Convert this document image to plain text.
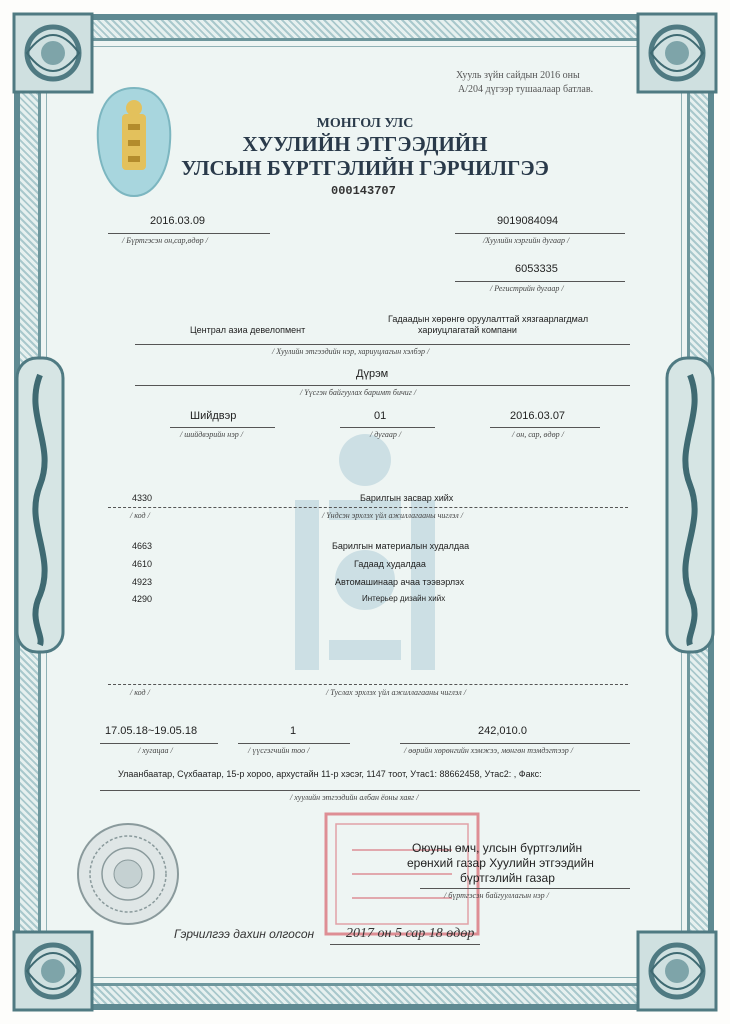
Хууль зүйн сайдын 2016 оны
А/204 дүгээр тушаалаар батлав.
МОНГОЛ УЛС
ХУУЛИЙН ЭТГЭЭДИЙН
УЛСЫН БҮРТГЭЛИЙН ГЭРЧИЛГЭЭ
000143707
2016.03.09
/ Бүртгэсэн он,сар,өдөр /
9019084094
/Хуулийн хэргийн дугаар /
6053335
/ Регистрийн дугаар /
Централ азиа девелопмент
Гадаадын хөрөнгө оруулалттай хязгаарлагдмал
хариуцлагатай компани
/ Хуулийн этгээдийн нэр, хариуцлагын хэлбэр /
Дүрэм
/ Үүсгэн байгуулах баримт бичиг /
Шийдвэр
/ шийдвэрийн нэр /
01
/ дугаар /
2016.03.07
/ он, сар, өдөр /
4330	Барилгын засвар хийх
/ код /	/ Үндсэн эрхлэх үйл ажиллагааны чиглэл /
4663	Барилгын материалын худалдаа
4610	Гадаад худалдаа
4923	Автомашинаар ачаа тээвэрлэх
4290	Интерьер дизайн хийх
/ код /	/ Туслах эрхлэх үйл ажиллагааны чиглэл /
17.05.18~19.05.18
/ хугацаа /
1
/ үүсгэгчийн тоо /
242,010.0
/ өөрийн хөрөнгийн хэмжээ, мөнгөн тэмдэгтээр /
Улаанбаатар, Сүхбаатар, 15-р хороо, архустайн 11-р хэсэг, 1147 тоот, Утас1: 88662458, Утас2: , Факс:
/ хуулийн этгээдийн албан ёоны хаяг /
Оюуны өмч, улсын бүртгэлийн
ерөнхий газар Хуулийн этгээдийн
бүртгэлийн газар
/ бүртгэсэн байгууллагын нэр /
Гэрчилгээ дахин олгосон 2017 он 5 сар 18 өдөр
